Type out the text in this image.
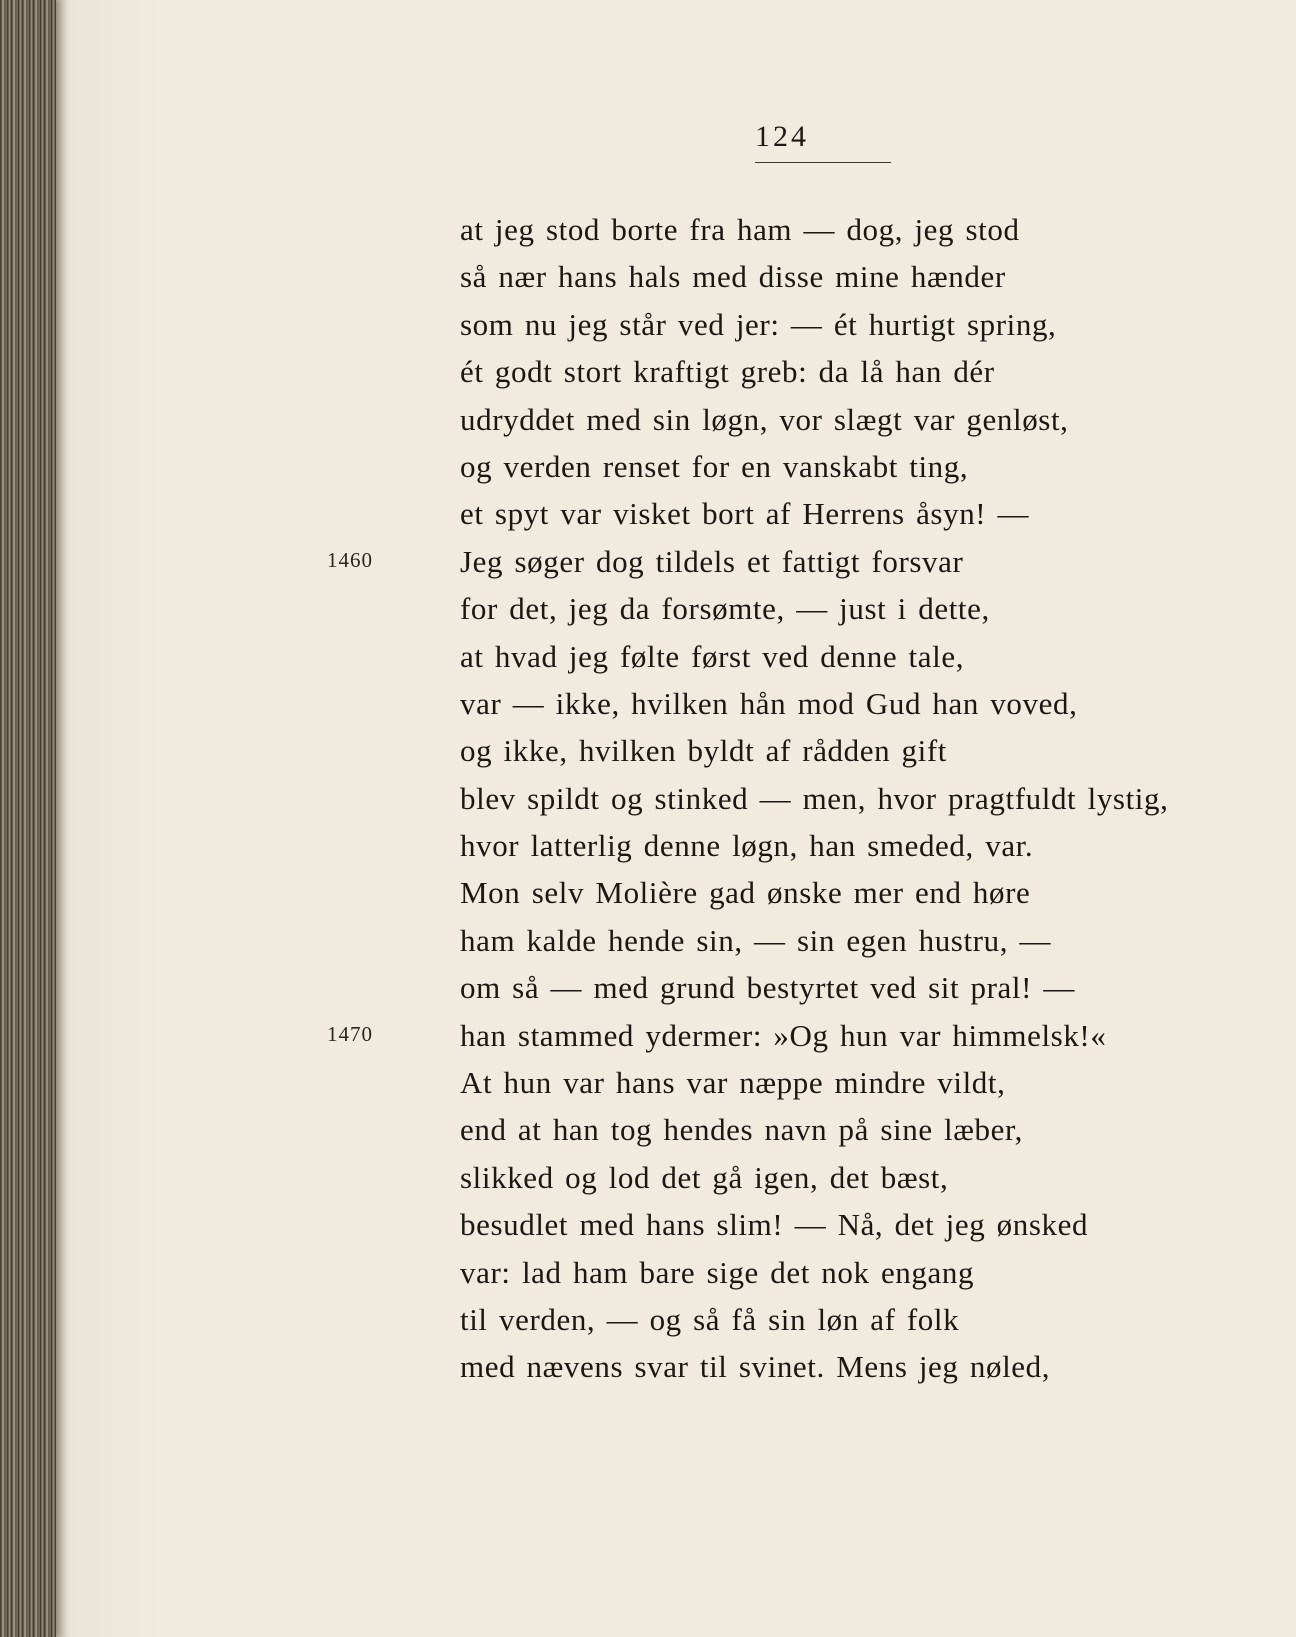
124
1460
1470
at jeg stod borte fra ham — dog, jeg stod
så nær hans hals med disse mine hænder
som nu jeg står ved jer: — ét hurtigt spring,
ét godt stort kraftigt greb: da lå han dér
udryddet med sin løgn, vor slægt var genløst,
og verden renset for en vanskabt ting,
et spyt var visket bort af Herrens åsyn! —
Jeg søger dog tildels et fattigt forsvar
for det, jeg da forsømte, — just i dette,
at hvad jeg følte først ved denne tale,
var — ikke, hvilken hån mod Gud han voved,
og ikke, hvilken byldt af rådden gift
blev spildt og stinked — men, hvor pragtfuldt lystig,
hvor latterlig denne løgn, han smeded, var.
Mon selv Molière gad ønske mer end høre
ham kalde hende sin, — sin egen hustru, —
om så — med grund bestyrtet ved sit pral! —
han stammed ydermer: »Og hun var himmelsk!«
At hun var hans var næppe mindre vildt,
end at han tog hendes navn på sine læber,
slikked og lod det gå igen, det bæst,
besudlet med hans slim! — Nå, det jeg ønsked
var: lad ham bare sige det nok engang
til verden, — og så få sin løn af folk
med nævens svar til svinet. Mens jeg nøled,
